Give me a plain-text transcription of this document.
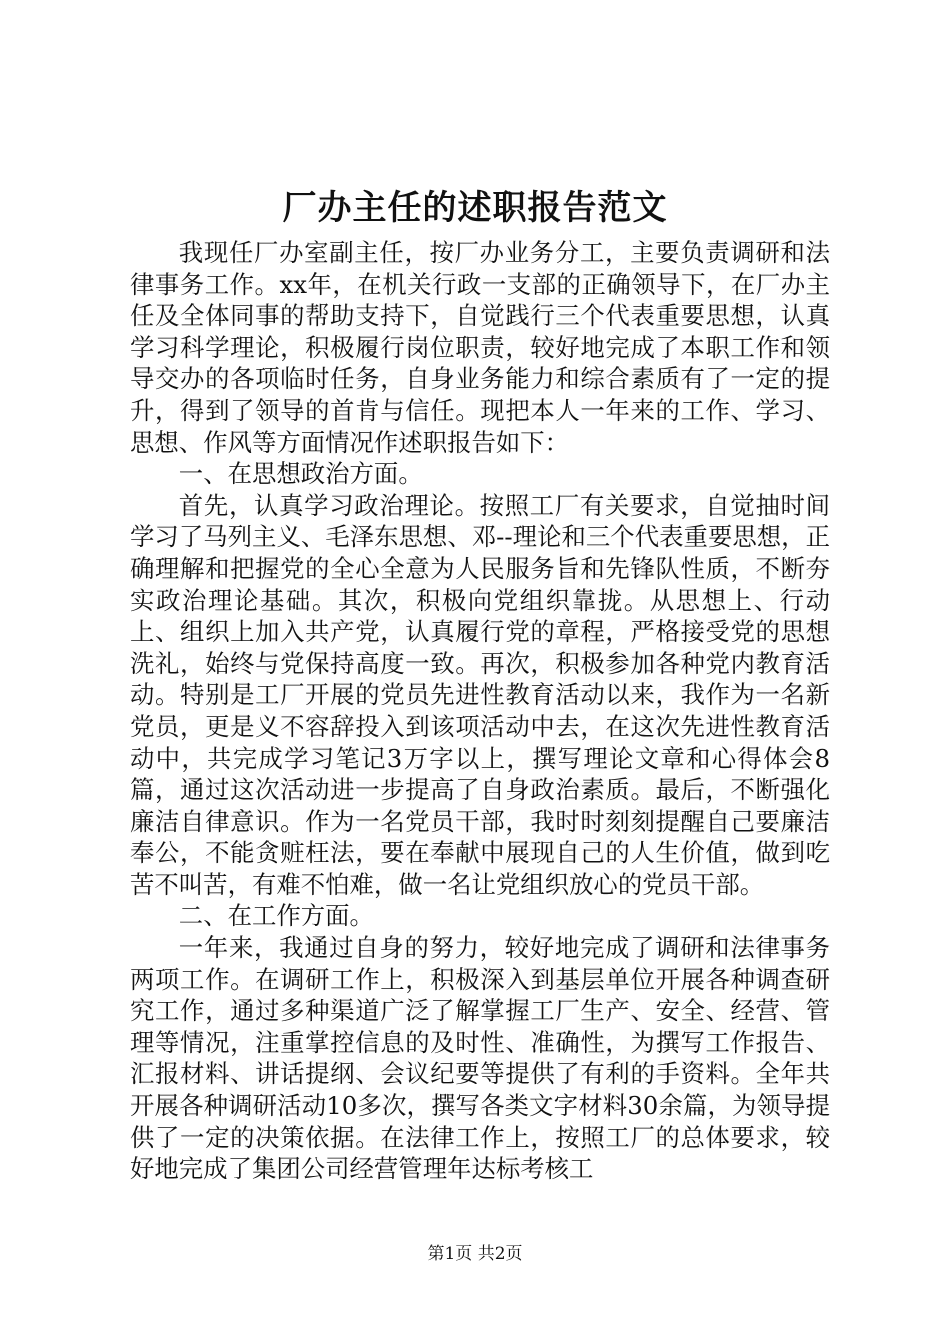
厂办主任的述职报告范文

我现任厂办室副主任，按厂办业务分工，主要负责调研和法律事务工作。xx年，在机关行政一支部的正确领导下，在厂办主任及全体同事的帮助支持下，自觉践行三个代表重要思想，认真学习科学理论，积极履行岗位职责，较好地完成了本职工作和领导交办的各项临时任务，自身业务能力和综合素质有了一定的提升，得到了领导的首肯与信任。现把本人一年来的工作、学习、思想、作风等方面情况作述职报告如下：

一、在思想政治方面。

首先，认真学习政治理论。按照工厂有关要求，自觉抽时间学习了马列主义、毛泽东思想、邓--理论和三个代表重要思想，正确理解和把握党的全心全意为人民服务旨和先锋队性质，不断夯实政治理论基础。其次，积极向党组织靠拢。从思想上、行动上、组织上加入共产党，认真履行党的章程，严格接受党的思想洗礼，始终与党保持高度一致。再次，积极参加各种党内教育活动。特别是工厂开展的党员先进性教育活动以来，我作为一名新党员，更是义不容辞投入到该项活动中去，在这次先进性教育活动中，共完成学习笔记3万字以上，撰写理论文章和心得体会8篇，通过这次活动进一步提高了自身政治素质。最后，不断强化廉洁自律意识。作为一名党员干部，我时时刻刻提醒自己要廉洁奉公，不能贪赃枉法，要在奉献中展现自己的人生价值，做到吃苦不叫苦，有难不怕难，做一名让党组织放心的党员干部。

二、在工作方面。

一年来，我通过自身的努力，较好地完成了调研和法律事务两项工作。在调研工作上，积极深入到基层单位开展各种调查研究工作，通过多种渠道广泛了解掌握工厂生产、安全、经营、管理等情况，注重掌控信息的及时性、准确性，为撰写工作报告、汇报材料、讲话提纲、会议纪要等提供了有利的手资料。全年共开展各种调研活动10多次，撰写各类文字材料30余篇，为领导提供了一定的决策依据。在法律工作上，按照工厂的总体要求，较好地完成了集团公司经营管理年达标考核工

第1页 共2页
